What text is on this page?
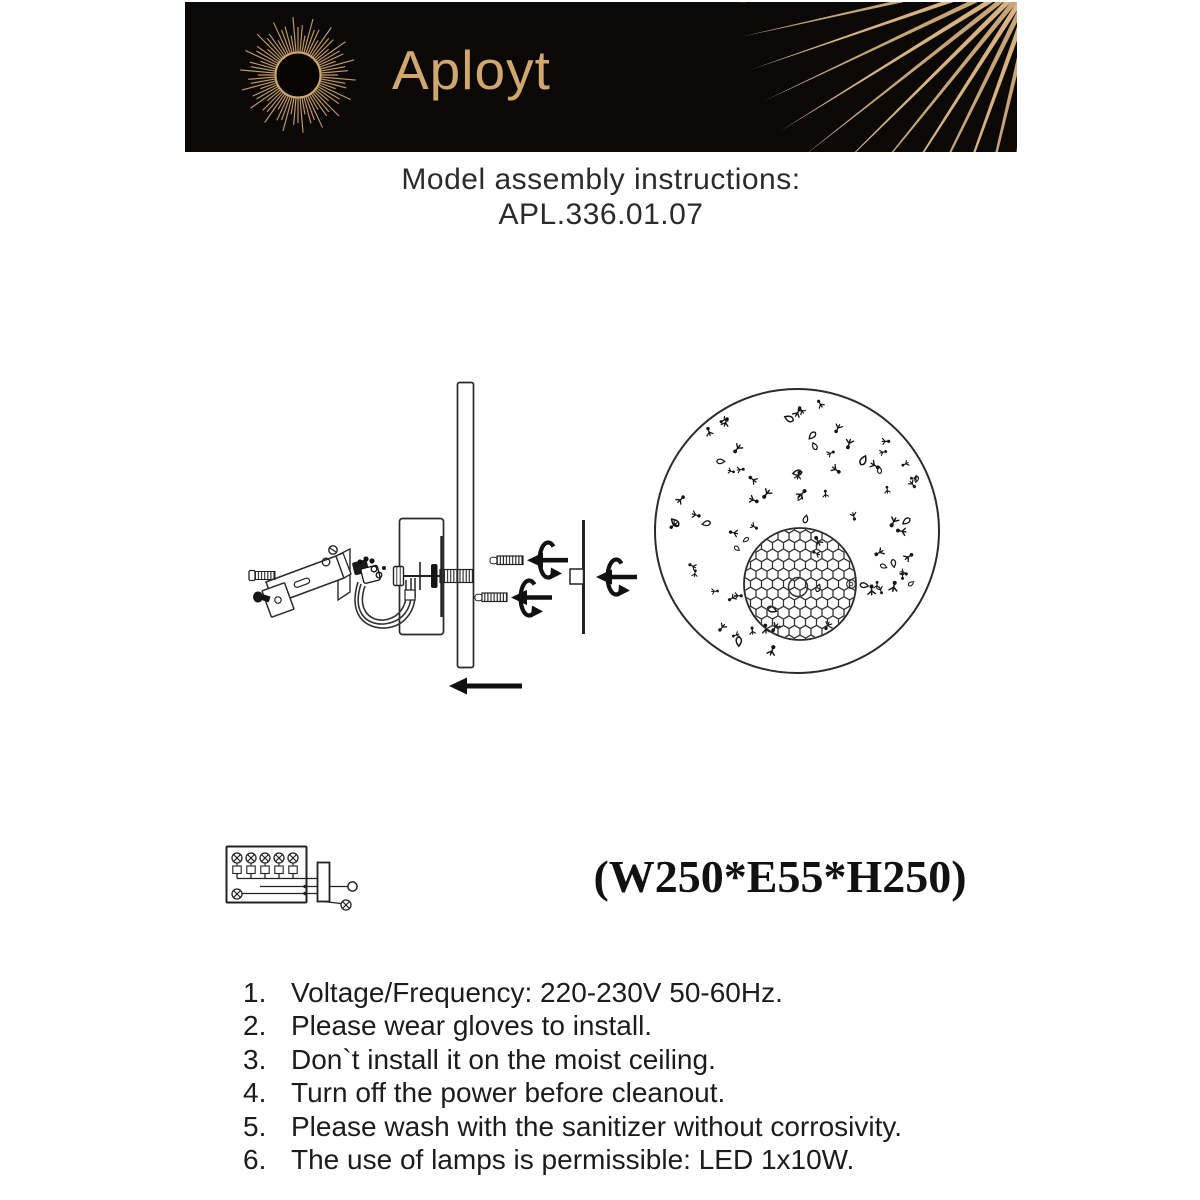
Aployt
Model assembly instructions:
APL.336.01.07
(W250*E55*H250)
1. Voltage/Frequency: 220-230V 50-60Hz.
2. Please wear gloves to install.
3. Don`t install it on the moist ceiling.
4. Turn off the power before cleanout.
5. Please wash with the sanitizer without corrosivity.
6. The use of lamps is permissible: LED 1x10W.
